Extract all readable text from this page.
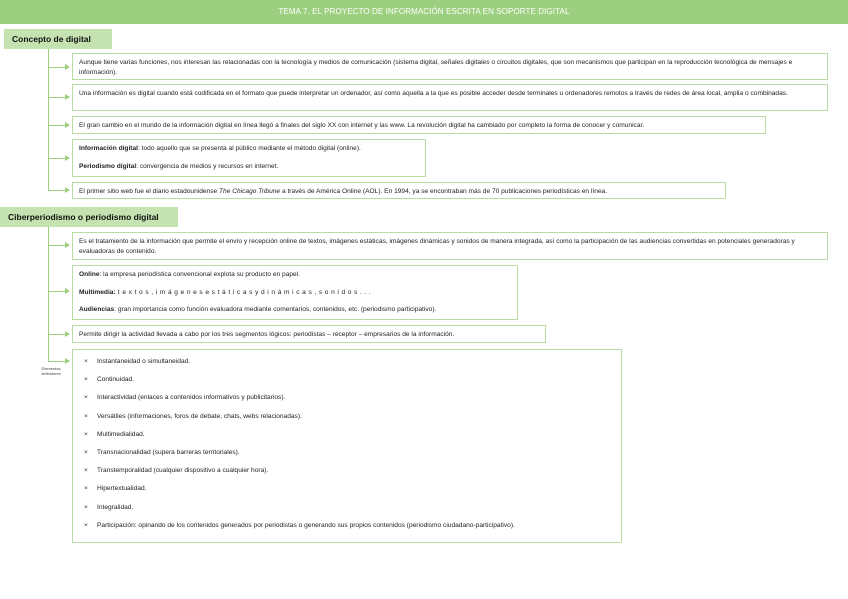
TEMA 7. EL PROYECTO DE INFORMACIÓN ESCRITA EN SOPORTE DIGITAL
Concepto de digital

Aunque tiene varias funciones, nos interesan las relacionadas con la tecnología y medios de comunicación (sistema digital, señales digitales o circuitos digitales, que son mecanismos que participan en la reproducción tecnológica de mensajes e información).

Una información es digital cuando está codificada en el formato que puede interpretar un ordenador, así como aquella a la que es posible acceder desde terminales u ordenadores remotos a través de redes de área local, amplia o combinadas.

El gran cambio en el mundo de la información digital en línea llegó a finales del siglo XX con internet y las www. La revolución digital ha cambiado por completo la forma de conocer y comunicar.

Información digital: todo aquello que se presenta al público mediante el método digital (online).

Periodismo digital: convergencia de medios y recursos en internet.

El primer sitio web fue el diario estadounidense The Chicago Tribune a través de América Online (AOL). En 1994, ya se encontraban más de 70 publicaciones periodísticas en línea.

Ciberperiodismo o periodismo digital

Es el tratamiento de la información que permite el envío y recepción online de textos, imágenes estáticas, imágenes dinámicas y sonidos de manera integrada, así como la participación de las audiencias convertidas en potenciales generadoras y evaluadoras de contenido.

Online: la empresa periodística convencional explota su producto en papel.

Multimedia: t e x t o s , i m á g e n e s e s t á t i c a s y d i n á m i c a s , s o n i d o s . . .

Audiencias: gran importancia como función evaluadora mediante comentarios, contenidos, etc. (periodismo participativo).

Permite dirigir la actividad llevada a cabo por los tres segmentos lógicos: periodistas – receptor – empresarios de la información.

Elementos definidores
× Instantaneidad o simultaneidad.
× Continuidad.
× Interactividad (enlaces a contenidos informativos y publicitarios).
× Versátiles (informaciones, foros de debate, chats, webs relacionadas).
× Multimedialidad.
× Transnacionalidad (supera barreras territoriales).
× Transtemporalidad (cualquier dispositivo a cualquier hora).
× Hipertextualidad.
× Integralidad.
× Participación: opinando de los contenidos generados por periodistas o generando sus propios contenidos (periodismo ciudadano-participativo).
